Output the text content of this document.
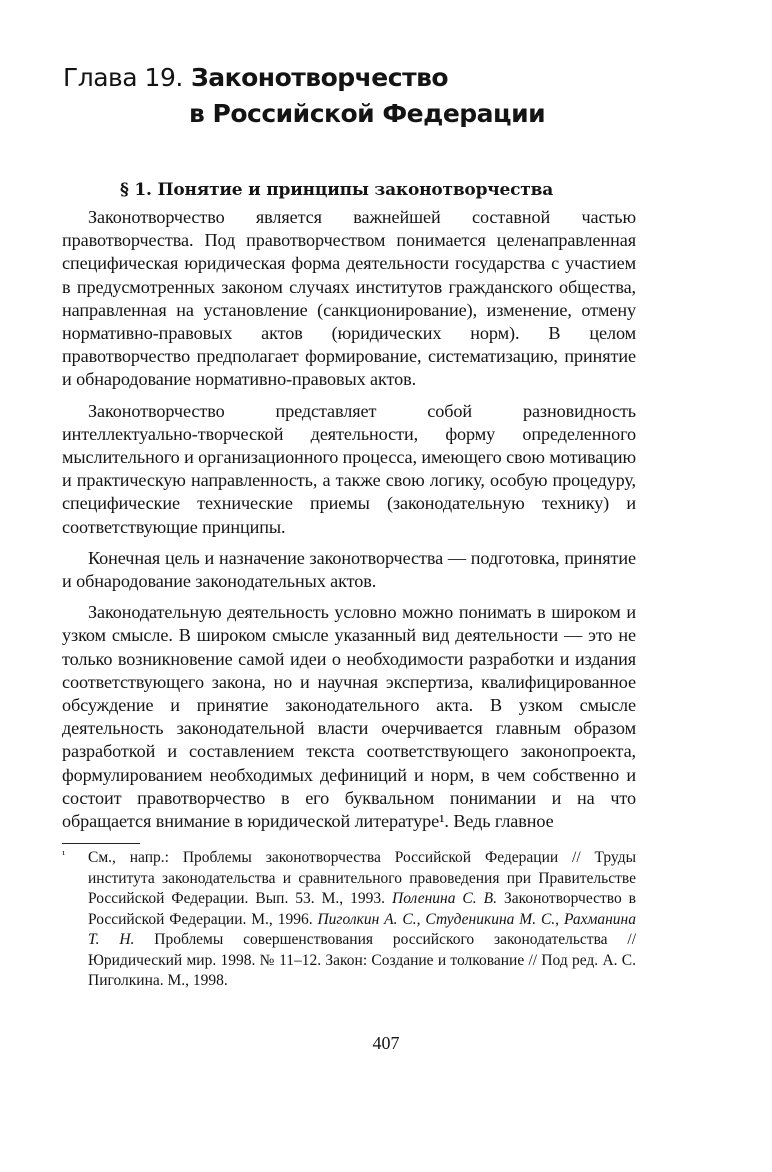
Глава 19. Законотворчество
в Российской Федерации
§ 1. Понятие и принципы законотворчества

Законотворчество является важнейшей составной частью правотворчества. Под правотворчеством понимается целенаправленная специфическая юридическая форма деятельности государства с участием в предусмотренных законом случаях институтов гражданского общества, направленная на установление (санкционирование), изменение, отмену нормативно-правовых актов (юридических норм). В целом правотворчество предполагает формирование, систематизацию, принятие и обнародование нормативно-правовых актов.

Законотворчество представляет собой разновидность интеллектуально-творческой деятельности, форму определенного мыслительного и организационного процесса, имеющего свою мотивацию и практическую направленность, а также свою логику, особую процедуру, специфические технические приемы (законодательную технику) и соответствующие принципы.

Конечная цель и назначение законотворчества — подготовка, принятие и обнародование законодательных актов.

Законодательную деятельность условно можно понимать в широком и узком смысле. В широком смысле указанный вид деятельности — это не только возникновение самой идеи о необходимости разработки и издания соответствующего закона, но и научная экспертиза, квалифицированное обсуждение и принятие законодательного акта. В узком смысле деятельность законодательной власти очерчивается главным образом разработкой и составлением текста соответствующего законопроекта, формулированием необходимых дефиниций и норм, в чем собственно и состоит правотворчество в его буквальном понимании и на что обращается внимание в юридической литературе¹. Ведь главное

¹ См., напр.: Проблемы законотворчества Российской Федерации // Труды института законодательства и сравнительного правоведения при Правительстве Российской Федерации. Вып. 53. М., 1993. Поленина С. В. Законотворчество в Российской Федерации. М., 1996. Пиголкин А. С., Студеникина М. С., Рахманина Т. Н. Проблемы совершенствования российского законодательства // Юридический мир. 1998. № 11–12. Закон: Создание и толкование // Под ред. А. С. Пиголкина. М., 1998.
407
